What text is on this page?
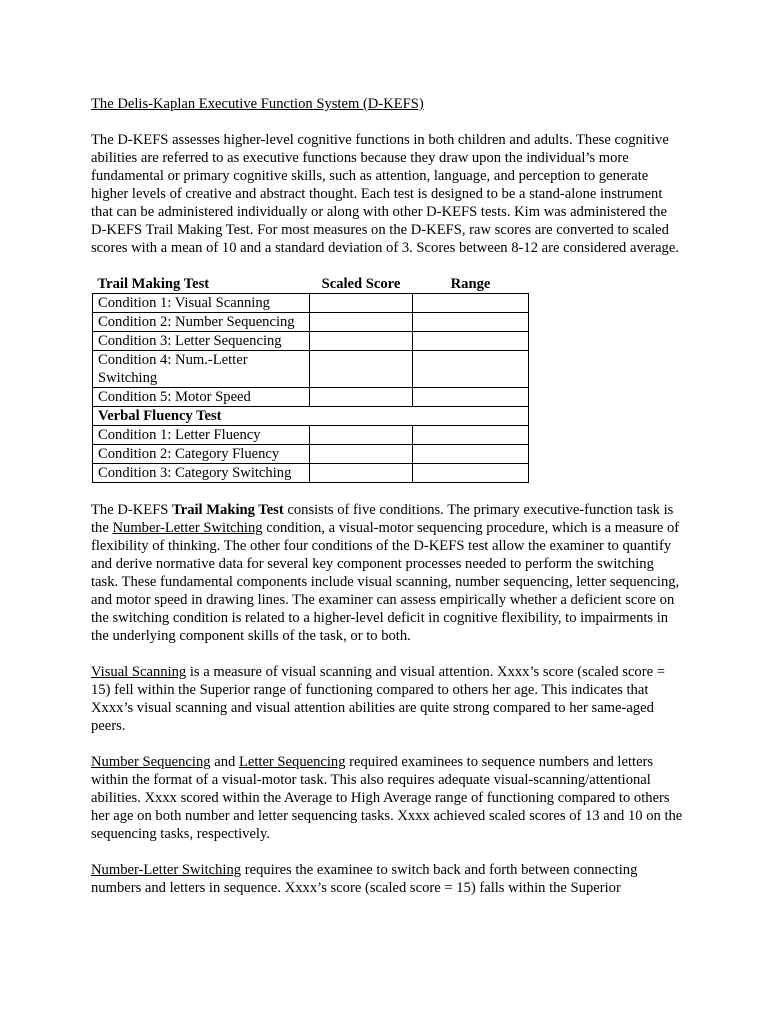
The Delis-Kaplan Executive Function System (D-KEFS)

The D-KEFS assesses higher-level cognitive functions in both children and adults. These cognitive abilities are referred to as executive functions because they draw upon the individual’s more fundamental or primary cognitive skills, such as attention, language, and perception to generate higher levels of creative and abstract thought. Each test is designed to be a stand-alone instrument that can be administered individually or along with other D-KEFS tests. Kim was administered the D-KEFS Trail Making Test. For most measures on the D-KEFS, raw scores are converted to scaled scores with a mean of 10 and a standard deviation of 3. Scores between 8-12 are considered average.

Trail Making Test	Scaled Score	Range
Condition 1: Visual Scanning		
Condition 2: Number Sequencing		
Condition 3: Letter Sequencing		
Condition 4: Num.-Letter Switching		
Condition 5: Motor Speed		
Verbal Fluency Test		
Condition 1: Letter Fluency		
Condition 2: Category Fluency		
Condition 3: Category Switching		

The D-KEFS Trail Making Test consists of five conditions. The primary executive-function task is the Number-Letter Switching condition, a visual-motor sequencing procedure, which is a measure of flexibility of thinking. The other four conditions of the D-KEFS test allow the examiner to quantify and derive normative data for several key component processes needed to perform the switching task. These fundamental components include visual scanning, number sequencing, letter sequencing, and motor speed in drawing lines. The examiner can assess empirically whether a deficient score on the switching condition is related to a higher-level deficit in cognitive flexibility, to impairments in the underlying component skills of the task, or to both.

Visual Scanning is a measure of visual scanning and visual attention. Xxxx’s score (scaled score = 15) fell within the Superior range of functioning compared to others her age. This indicates that Xxxx’s visual scanning and visual attention abilities are quite strong compared to her same-aged peers.

Number Sequencing and Letter Sequencing required examinees to sequence numbers and letters within the format of a visual-motor task. This also requires adequate visual-scanning/attentional abilities. Xxxx scored within the Average to High Average range of functioning compared to others her age on both number and letter sequencing tasks. Xxxx achieved scaled scores of 13 and 10 on the sequencing tasks, respectively.

Number-Letter Switching requires the examinee to switch back and forth between connecting numbers and letters in sequence. Xxxx’s score (scaled score = 15) falls within the Superior
